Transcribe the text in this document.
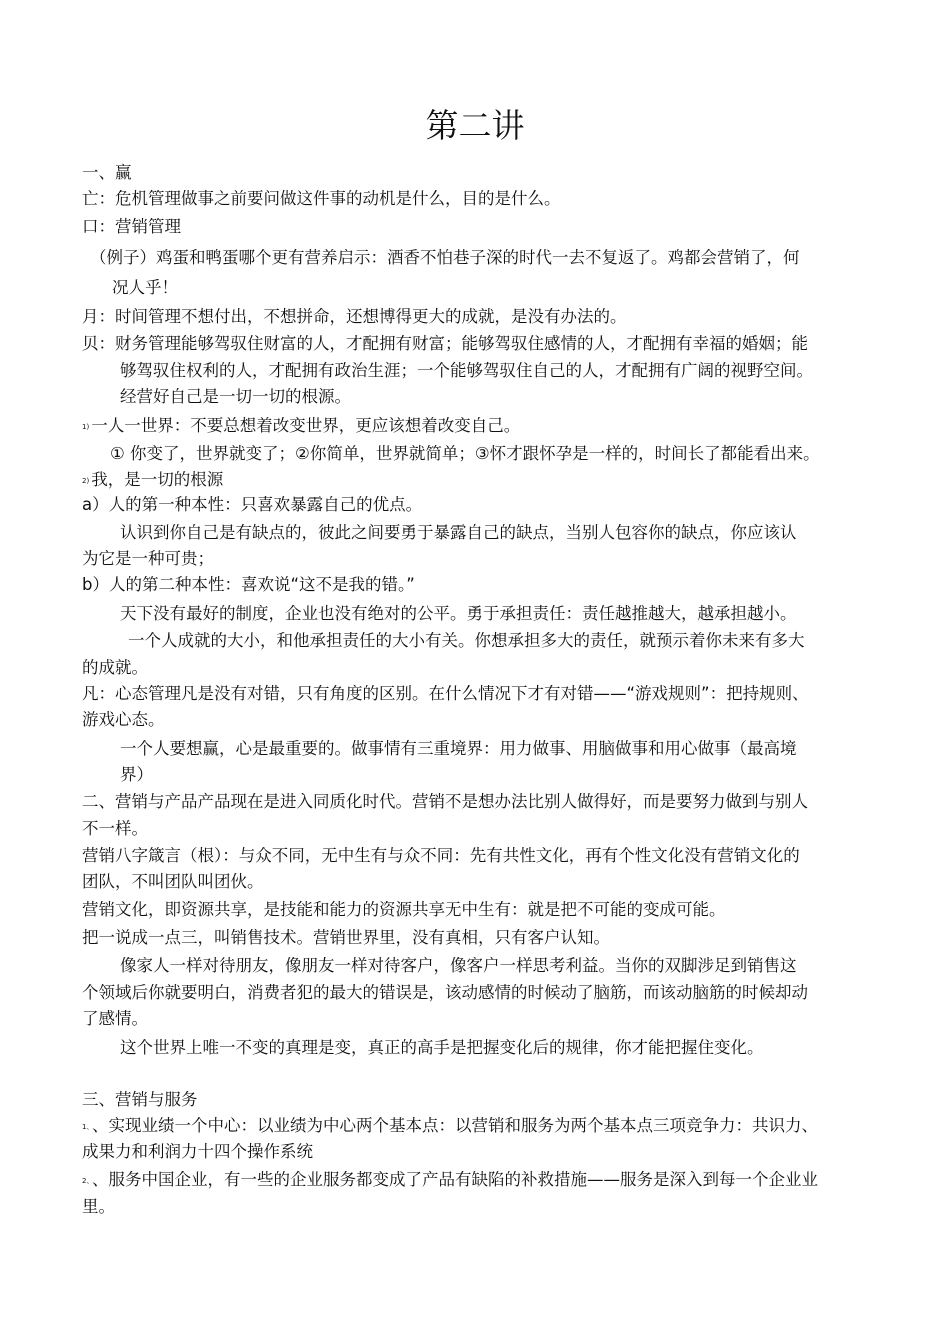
第二讲
一、赢
亡：危机管理做事之前要问做这件事的动机是什么，目的是什么。
口：营销管理
（例子）鸡蛋和鸭蛋哪个更有营养启示：酒香不怕巷子深的时代一去不复返了。鸡都会营销了，何
况人乎！
月：时间管理不想付出，不想拼命，还想博得更大的成就，是没有办法的。
贝：财务管理能够驾驭住财富的人，才配拥有财富；能够驾驭住感情的人，才配拥有幸福的婚姻；能
够驾驭住权利的人，才配拥有政治生涯；一个能够驾驭住自己的人，才配拥有广阔的视野空间。
经营好自己是一切一切的根源。
1) 一人一世界：不要总想着改变世界，更应该想着改变自己。
① 你变了，世界就变了；②你简单，世界就简单；③怀才跟怀孕是一样的，时间长了都能看出来。
2) 我，是一切的根源
a）人的第一种本性：只喜欢暴露自己的优点。
认识到你自己是有缺点的，彼此之间要勇于暴露自己的缺点，当别人包容你的缺点，你应该认
为它是一种可贵；
b）人的第二种本性：喜欢说“这不是我的错。”
天下没有最好的制度，企业也没有绝对的公平。勇于承担责任：责任越推越大，越承担越小。
一个人成就的大小，和他承担责任的大小有关。你想承担多大的责任，就预示着你未来有多大
的成就。
凡：心态管理凡是没有对错，只有角度的区别。在什么情况下才有对错——“游戏规则”：把持规则、
游戏心态。
一个人要想赢，心是最重要的。做事情有三重境界：用力做事、用脑做事和用心做事（最高境
界）
二、营销与产品产品现在是进入同质化时代。营销不是想办法比别人做得好，而是要努力做到与别人
不一样。
营销八字箴言（根）：与众不同，无中生有与众不同：先有共性文化，再有个性文化没有营销文化的
团队，不叫团队叫团伙。
营销文化，即资源共享，是技能和能力的资源共享无中生有：就是把不可能的变成可能。
把一说成一点三，叫销售技术。营销世界里，没有真相，只有客户认知。
像家人一样对待朋友，像朋友一样对待客户，像客户一样思考利益。当你的双脚涉足到销售这
个领域后你就要明白，消费者犯的最大的错误是，该动感情的时候动了脑筋，而该动脑筋的时候却动
了感情。
这个世界上唯一不变的真理是变，真正的高手是把握变化后的规律，你才能把握住变化。
三、营销与服务
1、 、实现业绩一个中心：以业绩为中心两个基本点：以营销和服务为两个基本点三项竞争力：共识力、
成果力和利润力十四个操作系统
2、 、服务中国企业，有一些的企业服务都变成了产品有缺陷的补救措施——服务是深入到每一个企业业
里。
